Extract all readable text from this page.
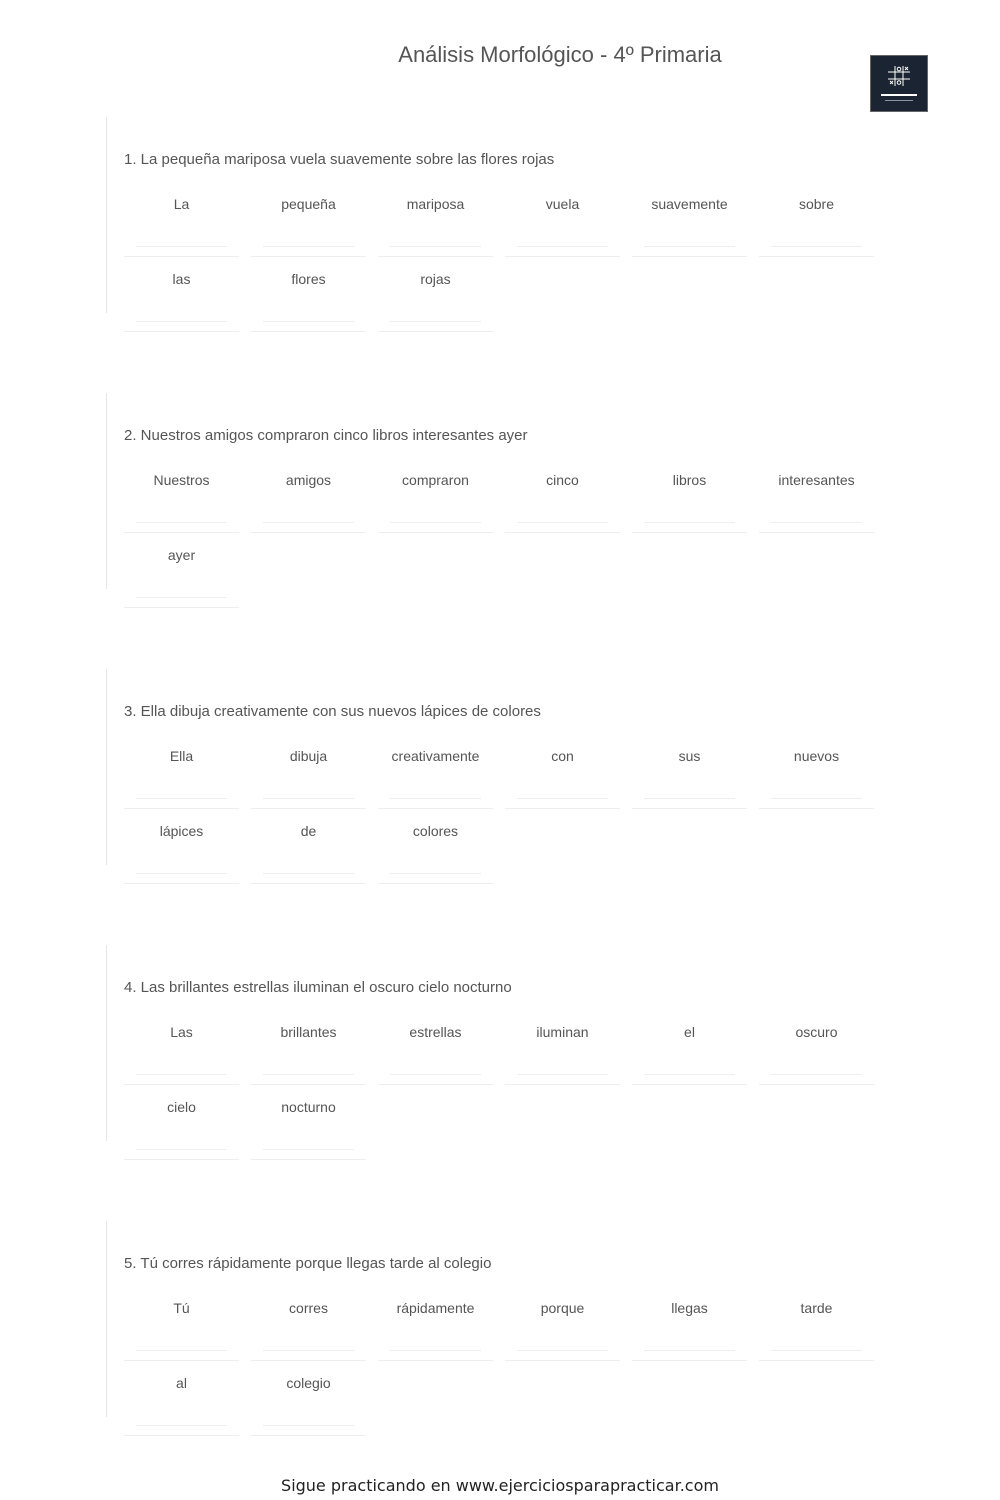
Análisis Morfológico - 4º Primaria
1. La pequeña mariposa vuela suavemente sobre las flores rojas
La	pequeña	mariposa	vuela	suavemente	sobre
las	flores	rojas
2. Nuestros amigos compraron cinco libros interesantes ayer
Nuestros	amigos	compraron	cinco	libros	interesantes
ayer
3. Ella dibuja creativamente con sus nuevos lápices de colores
Ella	dibuja	creativamente	con	sus	nuevos
lápices	de	colores
4. Las brillantes estrellas iluminan el oscuro cielo nocturno
Las	brillantes	estrellas	iluminan	el	oscuro
cielo	nocturno
5. Tú corres rápidamente porque llegas tarde al colegio
Tú	corres	rápidamente	porque	llegas	tarde
al	colegio
Sigue practicando en www.ejerciciosparapracticar.com
